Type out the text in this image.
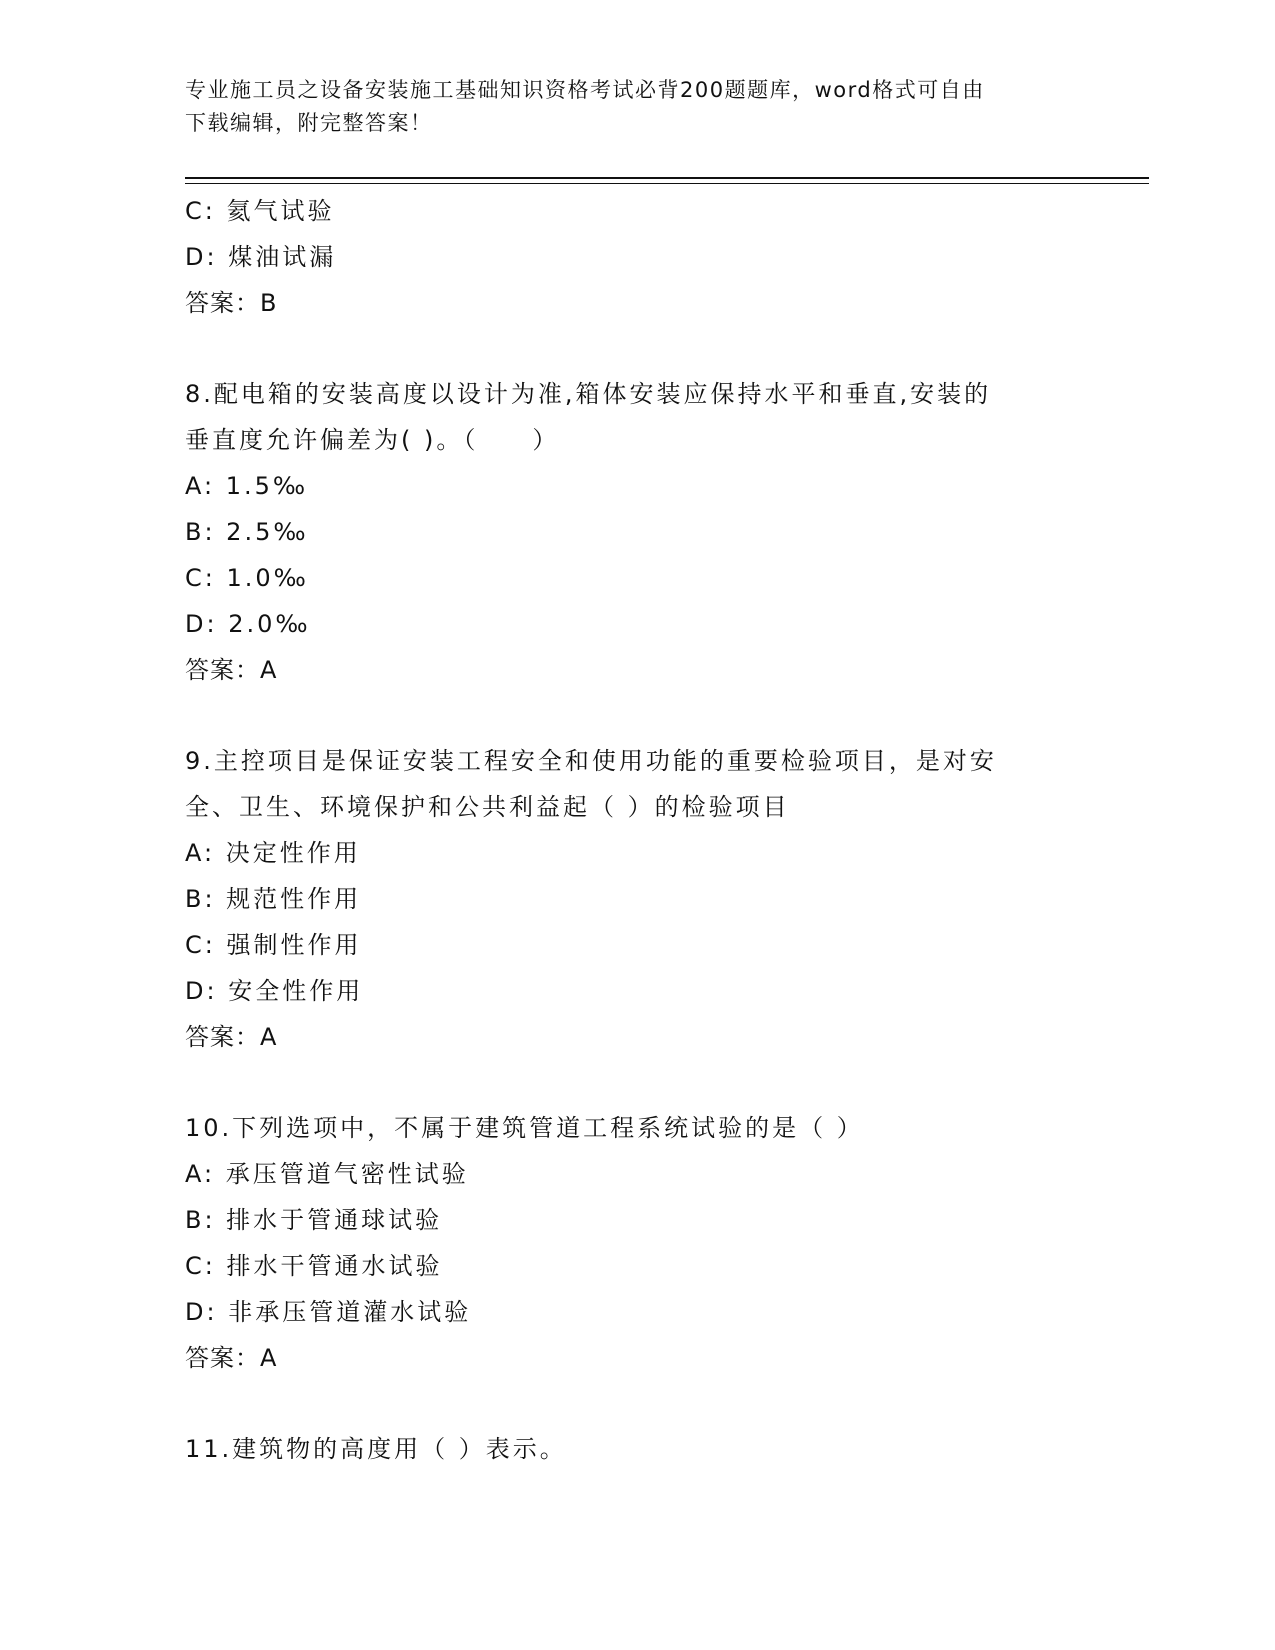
专业施工员之设备安装施工基础知识资格考试必背200题题库，word格式可自由
下载编辑，附完整答案！
C: 氦气试验
D: 煤油试漏
答案：B
8.配电箱的安装高度以设计为准,箱体安装应保持水平和垂直,安装的
垂直度允许偏差为( )。（　　）
A: 1.5‰
B: 2.5‰
C: 1.0‰
D: 2.0‰
答案：A
9.主控项目是保证安装工程安全和使用功能的重要检验项目，是对安
全、卫生、环境保护和公共利益起（ ）的检验项目
A: 决定性作用
B: 规范性作用
C: 强制性作用
D: 安全性作用
答案：A
10.下列选项中，不属于建筑管道工程系统试验的是（ ）
A: 承压管道气密性试验
B: 排水于管通球试验
C: 排水干管通水试验
D: 非承压管道灌水试验
答案：A
11.建筑物的高度用（ ）表示。
